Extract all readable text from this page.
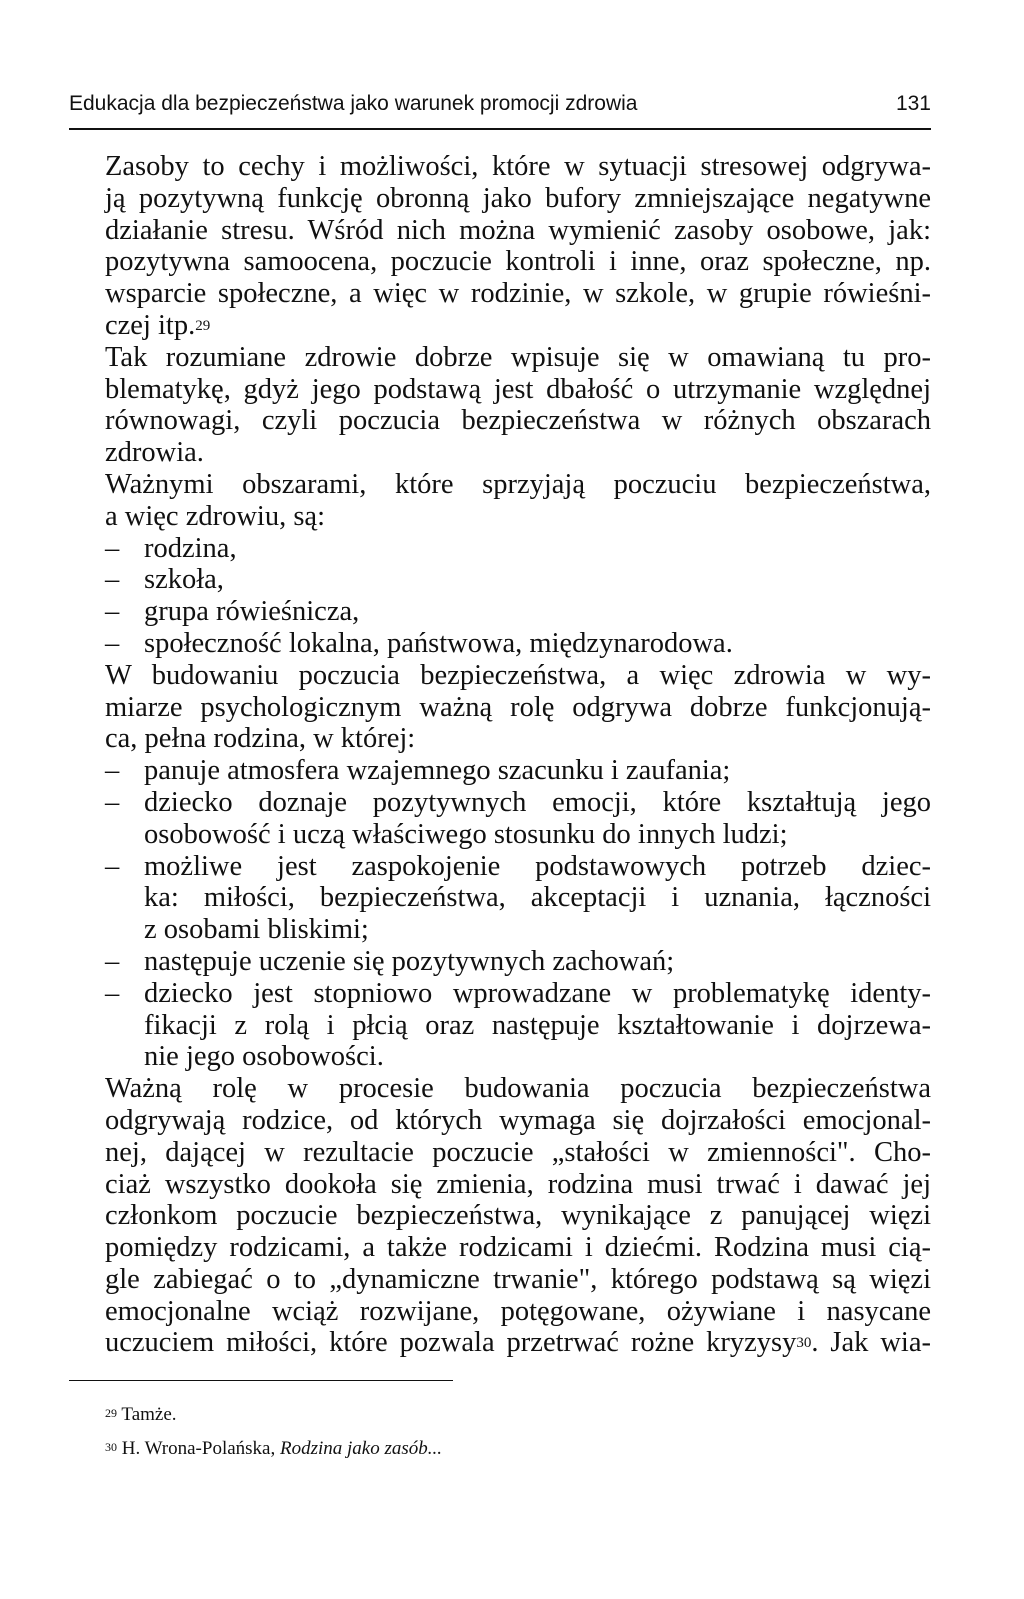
Edukacja dla bezpieczeństwa jako warunek promocji zdrowia	131

Zasoby to cechy i możliwości, które w sytuacji stresowej odgrywa-
ją pozytywną funkcję obronną jako bufory zmniejszające negatywne
działanie stresu. Wśród nich można wymienić zasoby osobowe, jak:
pozytywna samoocena, poczucie kontroli i inne, oraz społeczne, np.
wsparcie społeczne, a więc w rodzinie, w szkole, w grupie rówieśni-
czej itp.$^{29}$

Tak rozumiane zdrowie dobrze wpisuje się w omawianą tu pro-
blematykę, gdyż jego podstawą jest dbałość o utrzymanie względnej
równowagi, czyli poczucia bezpieczeństwa w różnych obszarach
zdrowia.

Ważnymi obszarami, które sprzyjają poczuciu bezpieczeństwa,
a więc zdrowiu, są:

– rodzina,
– szkoła,
– grupa rówieśnicza,
– społeczność lokalna, państwowa, międzynarodowa.

W budowaniu poczucia bezpieczeństwa, a więc zdrowia w wy-
miarze psychologicznym ważną rolę odgrywa dobrze funkcjonują-
ca, pełna rodzina, w której:

– panuje atmosfera wzajemnego szacunku i zaufania;
– dziecko doznaje pozytywnych emocji, które kształtują jego
osobowość i uczą właściwego stosunku do innych ludzi;
– możliwe jest zaspokojenie podstawowych potrzeb dziec-
ka: miłości, bezpieczeństwa, akceptacji i uznania, łączności
z osobami bliskimi;
– następuje uczenie się pozytywnych zachowań;
– dziecko jest stopniowo wprowadzane w problematykę identy-
fikacji z rolą i płcią oraz następuje kształtowanie i dojrzewa-
nie jego osobowości.

Ważną rolę w procesie budowania poczucia bezpieczeństwa
odgrywają rodzice, od których wymaga się dojrzałości emocjonal-
nej, dającej w rezultacie poczucie „stałości w zmienności". Cho-
ciaż wszystko dookoła się zmienia, rodzina musi trwać i dawać jej
członkom poczucie bezpieczeństwa, wynikające z panującej więzi
pomiędzy rodzicami, a także rodzicami i dziećmi. Rodzina musi cią-
gle zabiegać o to „dynamiczne trwanie", którego podstawą są więzi
emocjonalne wciąż rozwijane, potęgowane, ożywiane i nasycane
uczuciem miłości, które pozwala przetrwać rożne kryzysy$^{30}$. Jak wia-

$^{29}$ Tamże.
$^{30}$ H. Wrona-Polańska, Rodzina jako zasób...
